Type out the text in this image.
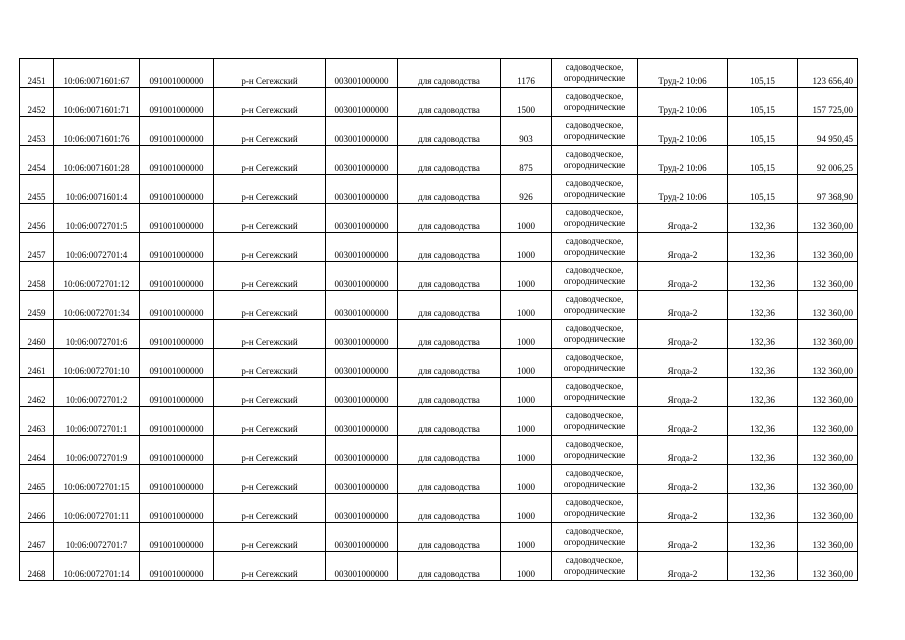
2451	10:06:0071601:67	091001000000	р-н Сегежский	003001000000	для садоводства	1176	садоводческое,
огороднические	Труд-2 10:06	105,15	123 656,40
2452	10:06:0071601:71	091001000000	р-н Сегежский	003001000000	для садоводства	1500	садоводческое,
огороднические	Труд-2 10:06	105,15	157 725,00
2453	10:06:0071601:76	091001000000	р-н Сегежский	003001000000	для садоводства	903	садоводческое,
огороднические	Труд-2 10:06	105,15	94 950,45
2454	10:06:0071601:28	091001000000	р-н Сегежский	003001000000	для садоводства	875	садоводческое,
огороднические	Труд-2 10:06	105,15	92 006,25
2455	10:06:0071601:4	091001000000	р-н Сегежский	003001000000	для садоводства	926	садоводческое,
огороднические	Труд-2 10:06	105,15	97 368,90
2456	10:06:0072701:5	091001000000	р-н Сегежский	003001000000	для садоводства	1000	садоводческое,
огороднические	Ягода-2	132,36	132 360,00
2457	10:06:0072701:4	091001000000	р-н Сегежский	003001000000	для садоводства	1000	садоводческое,
огороднические	Ягода-2	132,36	132 360,00
2458	10:06:0072701:12	091001000000	р-н Сегежский	003001000000	для садоводства	1000	садоводческое,
огороднические	Ягода-2	132,36	132 360,00
2459	10:06:0072701:34	091001000000	р-н Сегежский	003001000000	для садоводства	1000	садоводческое,
огороднические	Ягода-2	132,36	132 360,00
2460	10:06:0072701:6	091001000000	р-н Сегежский	003001000000	для садоводства	1000	садоводческое,
огороднические	Ягода-2	132,36	132 360,00
2461	10:06:0072701:10	091001000000	р-н Сегежский	003001000000	для садоводства	1000	садоводческое,
огороднические	Ягода-2	132,36	132 360,00
2462	10:06:0072701:2	091001000000	р-н Сегежский	003001000000	для садоводства	1000	садоводческое,
огороднические	Ягода-2	132,36	132 360,00
2463	10:06:0072701:1	091001000000	р-н Сегежский	003001000000	для садоводства	1000	садоводческое,
огороднические	Ягода-2	132,36	132 360,00
2464	10:06:0072701:9	091001000000	р-н Сегежский	003001000000	для садоводства	1000	садоводческое,
огороднические	Ягода-2	132,36	132 360,00
2465	10:06:0072701:15	091001000000	р-н Сегежский	003001000000	для садоводства	1000	садоводческое,
огороднические	Ягода-2	132,36	132 360,00
2466	10:06:0072701:11	091001000000	р-н Сегежский	003001000000	для садоводства	1000	садоводческое,
огороднические	Ягода-2	132,36	132 360,00
2467	10:06:0072701:7	091001000000	р-н Сегежский	003001000000	для садоводства	1000	садоводческое,
огороднические	Ягода-2	132,36	132 360,00
2468	10:06:0072701:14	091001000000	р-н Сегежский	003001000000	для садоводства	1000	садоводческое,
огороднические	Ягода-2	132,36	132 360,00
